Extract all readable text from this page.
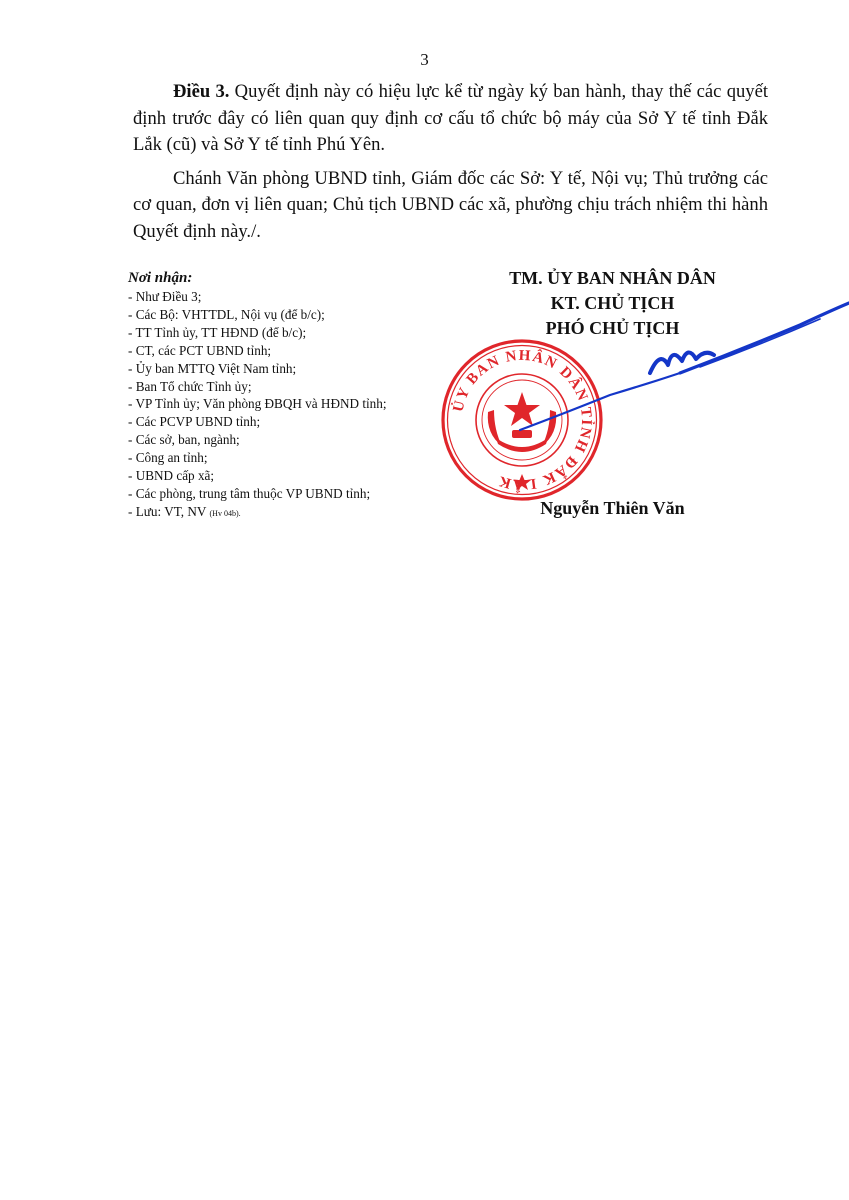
3

Điều 3. Quyết định này có hiệu lực kể từ ngày ký ban hành, thay thế các quyết định trước đây có liên quan quy định cơ cấu tổ chức bộ máy của Sở Y tế tỉnh Đắk Lắk (cũ) và Sở Y tế tỉnh Phú Yên.

Chánh Văn phòng UBND tỉnh, Giám đốc các Sở: Y tế, Nội vụ; Thủ trưởng các cơ quan, đơn vị liên quan; Chủ tịch UBND các xã, phường chịu trách nhiệm thi hành Quyết định này./.

Nơi nhận:
- Như Điều 3;
- Các Bộ: VHTTDL, Nội vụ (để b/c);
- TT Tỉnh ủy, TT HĐND (để b/c);
- CT, các PCT UBND tỉnh;
- Ủy ban MTTQ Việt Nam tỉnh;
- Ban Tổ chức Tỉnh ủy;
- VP Tỉnh ủy; Văn phòng ĐBQH và HĐND tỉnh;
- Các PCVP UBND tỉnh;
- Các sở, ban, ngành;
- Công an tỉnh;
- UBND cấp xã;
- Các phòng, trung tâm thuộc VP UBND tỉnh;
- Lưu: VT, NV (Hv 04b).
TM. ỦY BAN NHÂN DÂN
KT. CHỦ TỊCH
PHÓ CHỦ TỊCH
ỦY BAN NHÂN DÂN TỈNH ĐẮK LẮK
Nguyễn Thiên Văn
